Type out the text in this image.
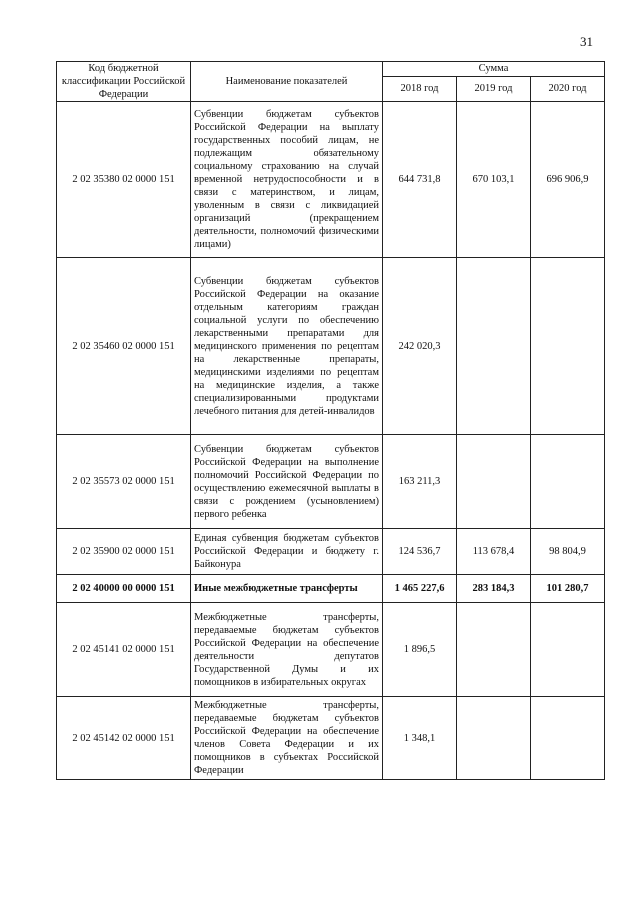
31
Код бюджетной классификации Российской Федерации	Наименование показателей	Сумма		
		2018 год	2019 год	2020 год
2 02 35380 02 0000 151	Субвенции бюджетам субъектов Российской Федерации на выплату государственных пособий лицам, не подлежащим обязательному социальному страхованию на случай временной нетрудоспособности и в связи с материнством, и лицам, уволенным в связи с ликвидацией организаций (прекращением деятельности, полномочий физическими лицами)	644 731,8	670 103,1	696 906,9
2 02 35460 02 0000 151	Субвенции бюджетам субъектов Российской Федерации на оказание отдельным категориям граждан социальной услуги по обеспечению лекарственными препаратами для медицинского применения по рецептам на лекарственные препараты, медицинскими изделиями по рецептам на медицинские изделия, а также специализированными продуктами лечебного питания для детей-инвалидов	242 020,3		
2 02 35573 02 0000 151	Субвенции бюджетам субъектов Российской Федерации на выполнение полномочий Российской Федерации по осуществлению ежемесячной выплаты в связи с рождением (усыновлением) первого ребенка	163 211,3		
2 02 35900 02 0000 151	Единая субвенция бюджетам субъектов Российской Федерации и бюджету г. Байконура	124 536,7	113 678,4	98 804,9
2 02 40000 00 0000 151	Иные межбюджетные трансферты	1 465 227,6	283 184,3	101 280,7
2 02 45141 02 0000 151	Межбюджетные трансферты, передаваемые бюджетам субъектов Российской Федерации на обеспечение деятельности депутатов Государственной Думы и их помощников в избирательных округах	1 896,5		
2 02 45142 02 0000 151	Межбюджетные трансферты, передаваемые бюджетам субъектов Российской Федерации на обеспечение членов Совета Федерации и их помощников в субъектах Российской Федерации	1 348,1		
